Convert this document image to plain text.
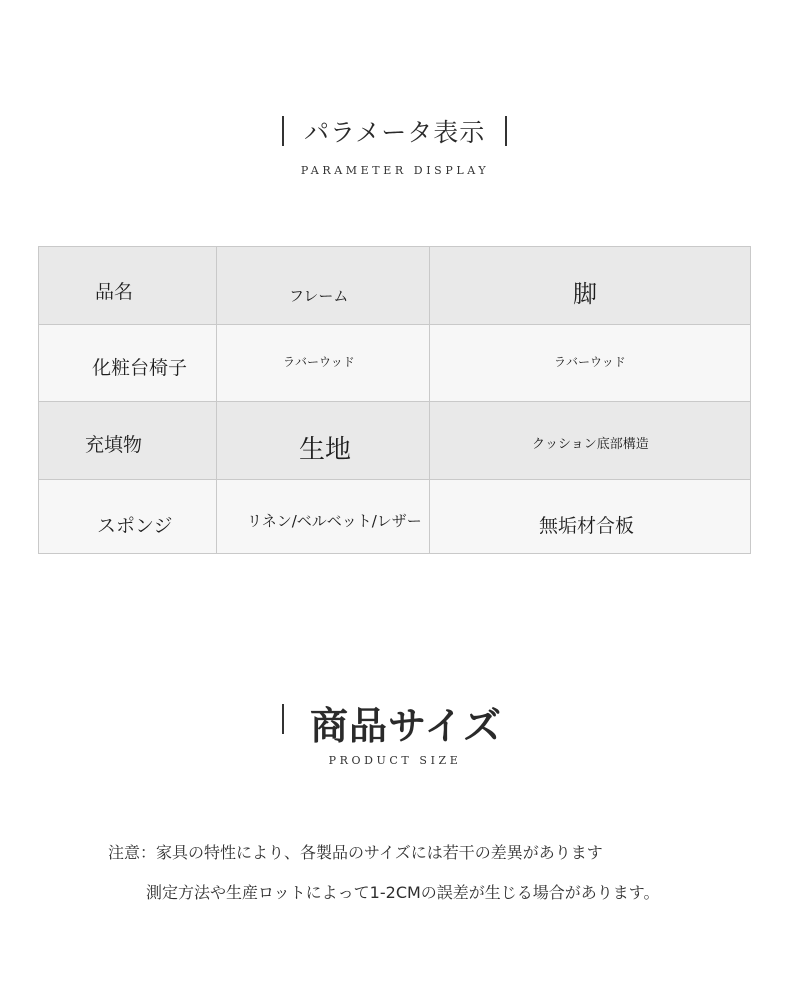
パラメータ表示
PARAMETER DISPLAY
品名	フレーム	脚
化粧台椅子	ラバーウッド	ラバーウッド
充填物	生地	クッション底部構造
スポンジ	リネン/ベルベット/レザー	無垢材合板
商品サイズ
PRODUCT SIZE
注意：家具の特性により、各製品のサイズには若干の差異があります
測定方法や生産ロットによって1-2CMの誤差が生じる場合があります。
